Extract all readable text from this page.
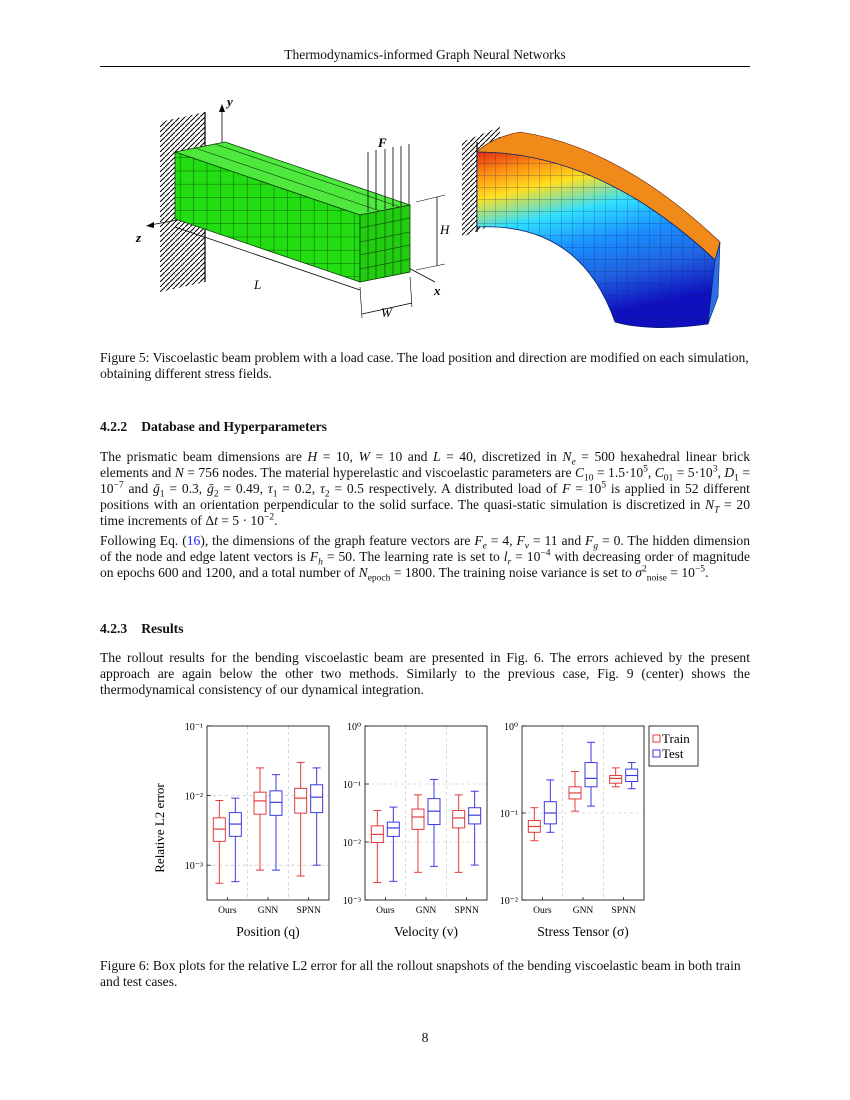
Thermodynamics-informed Graph Neural Networks
y
z
x
F
H
L
W
Figure 5: Viscoelastic beam problem with a load case. The load position and direction are modified on each simulation, obtaining different stress fields.
4.2.2 Database and Hyperparameters
The prismatic beam dimensions are H = 10, W = 10 and L = 40, discretized in $N_e = 500$ hexahedral linear brick elements and N = 756 nodes. The material hyperelastic and viscoelastic parameters are $C_{10} = 1.5\cdot 10^5$, $C_{01} = 5\cdot 10^3$, $D_1 = 10^{-7}$ and ḡ$_1$ = 0.3, ḡ$_2$ = 0.49, $\tau_1 = 0.2$, $\tau_2 = 0.5$ respectively. A distributed load of $F = 10^5$ is applied in 52 different positions with an orientation perpendicular to the solid surface. The quasi-static simulation is discretized in $N_T = 20$ time increments of $\Delta t = 5 \cdot 10^{-2}$.
Following Eq. (16), the dimensions of the graph feature vectors are $F_e = 4$, $F_v = 11$ and $F_g = 0$. The hidden dimension of the node and edge latent vectors is $F_h = 50$. The learning rate is set to $l_r = 10^{-4}$ with decreasing order of magnitude on epochs 600 and 1200, and a total number of $N_{epoch} = 1800$. The training noise variance is set to $\sigma^2_{noise} = 10^{-5}$.
4.2.3 Results
The rollout results for the bending viscoelastic beam are presented in Fig. 6. The errors achieved by the present approach are again below the other two methods. Similarly to the previous case, Fig. 9 (center) shows the thermodynamical consistency of our dynamical integration.
Relative L2 error
10⁻¹
10⁻²
10⁻³
Ours GNN SPNN
Position (q)
10⁰
10⁻¹
10⁻²
10⁻³
Ours GNN SPNN
Velocity (v)
10⁰
10⁻¹
10⁻²
Ours GNN SPNN
Stress Tensor (σ)
Train
Test
Figure 6: Box plots for the relative L2 error for all the rollout snapshots of the bending viscoelastic beam in both train and test cases.
8
